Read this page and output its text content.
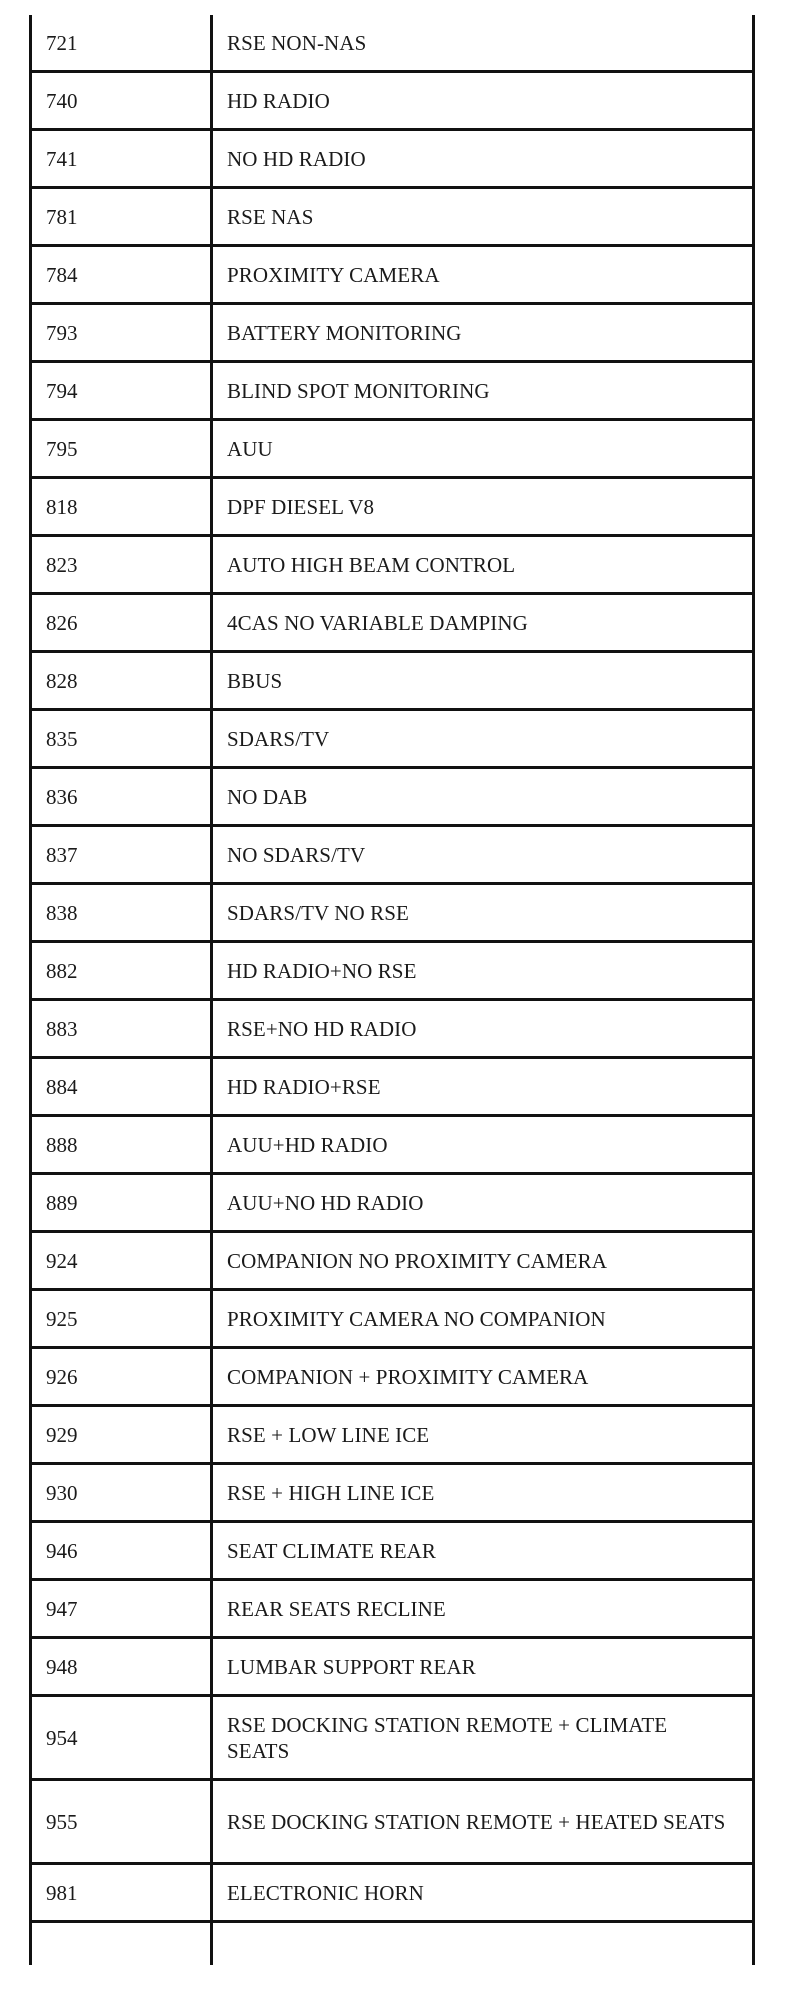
721	RSE NON-NAS
740	HD RADIO
741	NO HD RADIO
781	RSE NAS
784	PROXIMITY CAMERA
793	BATTERY MONITORING
794	BLIND SPOT MONITORING
795	AUU
818	DPF DIESEL V8
823	AUTO HIGH BEAM CONTROL
826	4CAS NO VARIABLE DAMPING
828	BBUS
835	SDARS/TV
836	NO DAB
837	NO SDARS/TV
838	SDARS/TV NO RSE
882	HD RADIO+NO RSE
883	RSE+NO HD RADIO
884	HD RADIO+RSE
888	AUU+HD RADIO
889	AUU+NO HD RADIO
924	COMPANION NO PROXIMITY CAMERA
925	PROXIMITY CAMERA NO COMPANION
926	COMPANION + PROXIMITY CAMERA
929	RSE + LOW LINE ICE
930	RSE + HIGH LINE ICE
946	SEAT CLIMATE REAR
947	REAR SEATS RECLINE
948	LUMBAR SUPPORT REAR
954	RSE DOCKING STATION REMOTE + CLIMATE SEATS
955	RSE DOCKING STATION REMOTE + HEATED SEATS
981	ELECTRONIC HORN
